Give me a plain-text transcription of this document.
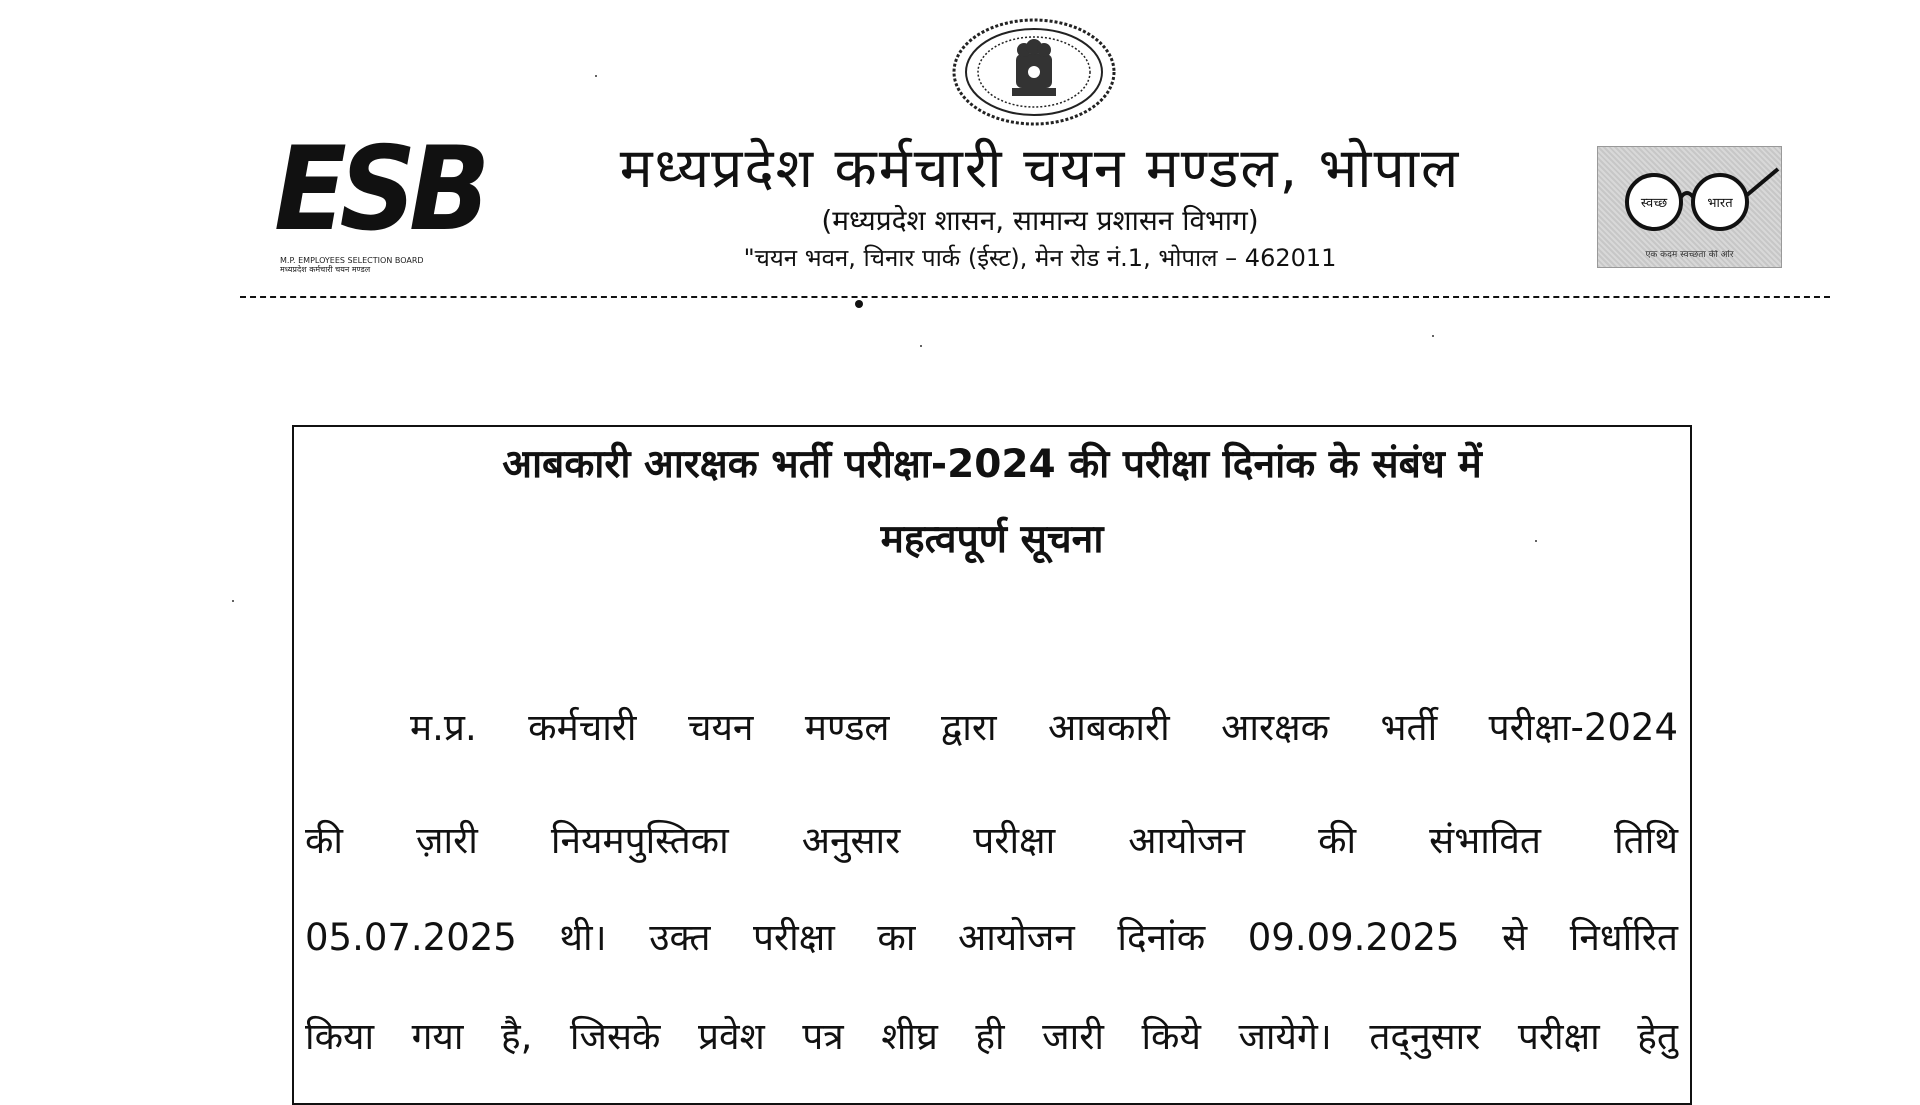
ESB
M.P. EMPLOYEES SELECTION BOARD
मध्यप्रदेश कर्मचारी चयन मण्डल
मध्यप्रदेश कर्मचारी चयन मण्डल, भोपाल
(मध्यप्रदेश शासन, सामान्य प्रशासन विभाग)
"चयन भवन, चिनार पार्क (ईस्ट), मेन रोड नं.1, भोपाल – 462011
स्वच्छ	भारत
एक कदम स्वच्छता की ओर
आबकारी आरक्षक भर्ती परीक्षा-2024 की परीक्षा दिनांक के संबंध में
महत्वपूर्ण सूचना
म.प्र. कर्मचारी चयन मण्डल द्वारा आबकारी आरक्षक भर्ती परीक्षा-2024
की ज़ारी नियमपुस्तिका अनुसार परीक्षा आयोजन की संभावित तिथि
05.07.2025 थी। उक्त परीक्षा का आयोजन दिनांक 09.09.2025 से निर्धारित
किया गया है, जिसके प्रवेश पत्र शीघ्र ही जारी किये जायेगे। तद्नुसार परीक्षा हेतु
